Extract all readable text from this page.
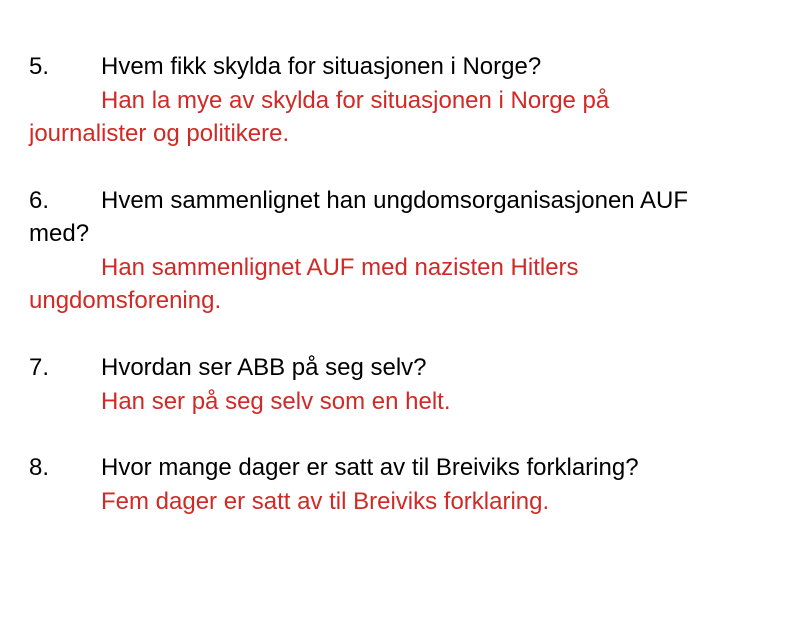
5. Hvem fikk skylda for situasjonen i Norge?
Han la mye av skylda for situasjonen i Norge på
journalister og politikere.
6. Hvem sammenlignet han ungdomsorganisasjonen AUF
med?
Han sammenlignet AUF med nazisten Hitlers
ungdomsforening.
7. Hvordan ser ABB på seg selv?
Han ser på seg selv som en helt.
8. Hvor mange dager er satt av til Breiviks forklaring?
Fem dager er satt av til Breiviks forklaring.
